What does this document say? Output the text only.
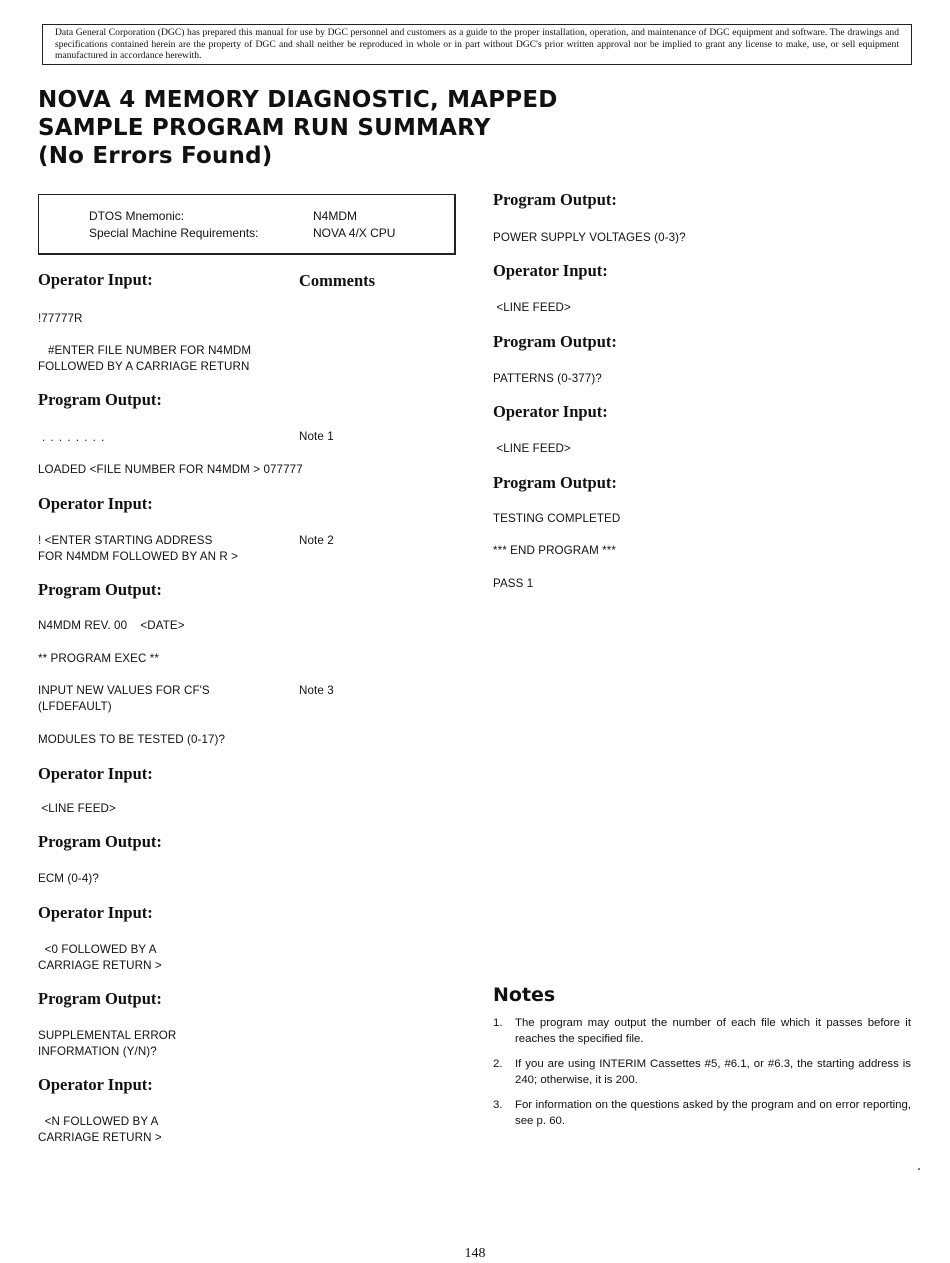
Data General Corporation (DGC) has prepared this manual for use by DGC personnel and customers as a guide to the proper installation, operation, and maintenance of DGC equipment and software. The drawings and specifications contained herein are the property of DGC and shall neither be reproduced in whole or in part without DGC's prior written approval nor be implied to grant any license to make, use, or sell equipment manufactured in accordance herewith.
NOVA 4 MEMORY DIAGNOSTIC, MAPPED
SAMPLE PROGRAM RUN SUMMARY
(No Errors Found)
DTOS Mnemonic:	N4MDM
Special Machine Requirements:	NOVA 4/X CPU
Operator Input:	Comments

!77777R

#ENTER FILE NUMBER FOR N4MDM

FOLLOWED BY A CARRIAGE RETURN

Program Output:

. . . . . . . .	Note 1

LOADED <FILE NUMBER FOR N4MDM > 077777

Operator Input:

! <ENTER STARTING ADDRESS	Note 2

FOR N4MDM FOLLOWED BY AN R >

Program Output:

N4MDM REV. 00    <DATE>

** PROGRAM EXEC **

INPUT NEW VALUES FOR CF'S	Note 3

(LFDEFAULT)

MODULES TO BE TESTED (0-17)?

Operator Input:

<LINE FEED>

Program Output:

ECM (0-4)?

Operator Input:

<0 FOLLOWED BY A

CARRIAGE RETURN >

Program Output:

SUPPLEMENTAL ERROR

INFORMATION (Y/N)?

Operator Input:

<N FOLLOWED BY A

CARRIAGE RETURN >

Program Output:

POWER SUPPLY VOLTAGES (0-3)?

Operator Input:

<LINE FEED>

Program Output:

PATTERNS (0-377)?

Operator Input:

<LINE FEED>

Program Output:

TESTING COMPLETED

*** END PROGRAM ***

PASS 1

Notes
1. The program may output the number of each file which it passes before it reaches the specified file.
2. If you are using INTERIM Cassettes #5, #6.1, or #6.3, the starting address is 240; otherwise, it is 200.
3. For information on the questions asked by the program and on error reporting, see p. 60.
148
